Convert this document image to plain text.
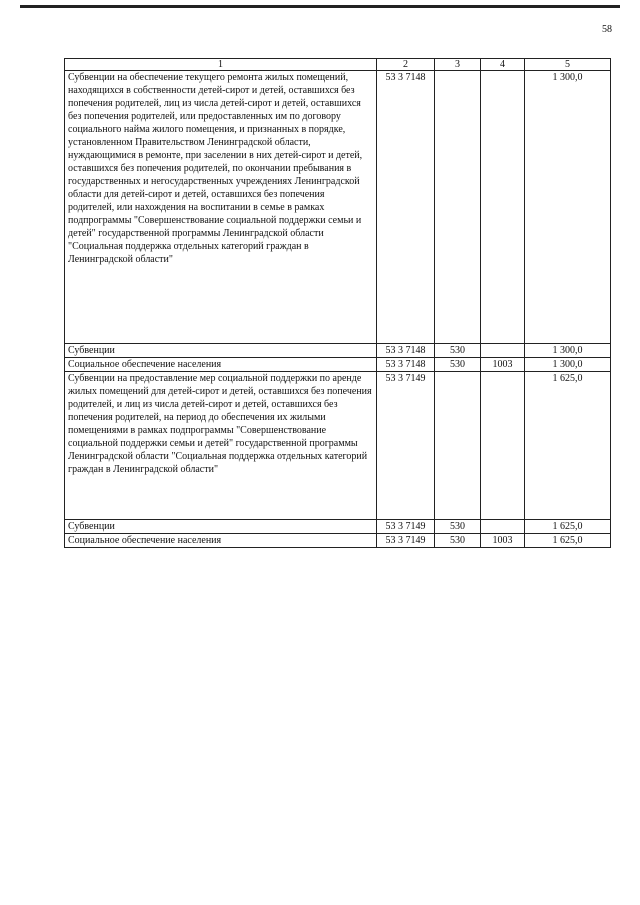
58
1	2	3	4	5
Субвенции на обеспечение текущего ремонта жилых помещений, находящихся в собственности детей-сирот и детей, оставшихся без попечения родителей, лиц из числа детей-сирот и детей, оставшихся без попечения родителей, или предоставленных им по договору социального найма жилого помещения, и признанных в порядке, установленном Правительством Ленинградской области, нуждающимися в ремонте, при заселении в них детей-сирот и детей, оставшихся без попечения родителей, по окончании пребывания в государственных и негосударственных учреждениях Ленинградской области для детей-сирот и детей, оставшихся без попечения родителей, или нахождения на воспитании в семье в рамках подпрограммы "Совершенствование социальной поддержки семьи и детей" государственной программы Ленинградской области "Социальная поддержка отдельных категорий граждан в Ленинградской области"	53 3 7148			1 300,0
Субвенции	53 3 7148	530		1 300,0
Социальное обеспечение населения	53 3 7148	530	1003	1 300,0
Субвенции на предоставление мер социальной поддержки по аренде жилых помещений для детей-сирот и детей, оставшихся без попечения родителей, и лиц из числа детей-сирот и детей, оставшихся без попечения родителей, на период до обеспечения их жилыми помещениями в рамках подпрограммы "Совершенствование социальной поддержки семьи и детей" государственной программы Ленинградской области "Социальная поддержка отдельных категорий граждан в Ленинградской области"	53 3 7149			1 625,0
Субвенции	53 3 7149	530		1 625,0
Социальное обеспечение населения	53 3 7149	530	1003	1 625,0
